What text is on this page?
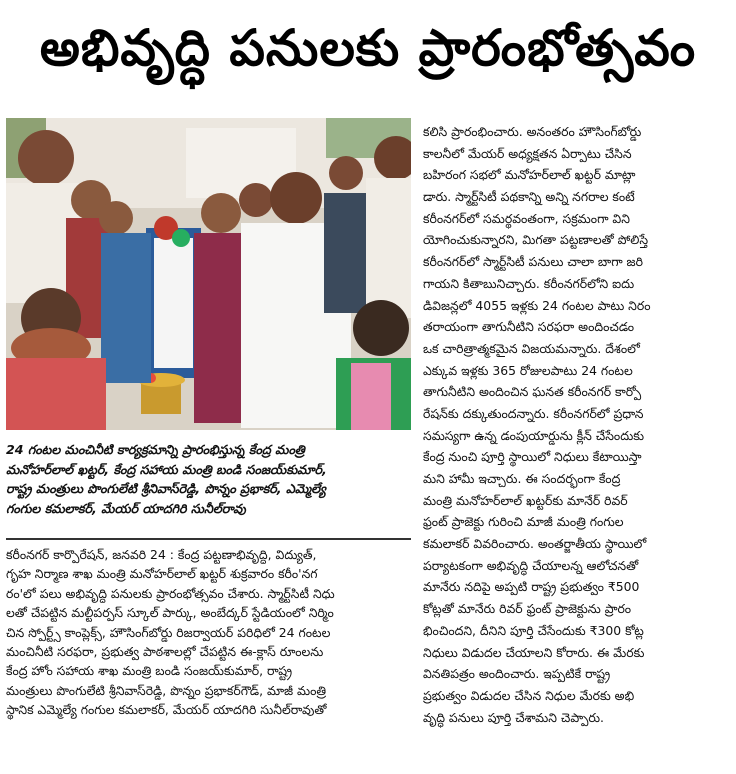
అభివృద్ధి పనులకు ప్రారంభోత్సవం
24 గంటల మంచినీటి కార్యక్రమాన్ని ప్రారంభిస్తున్న కేంద్ర మంత్రి
మనోహర్‌లాల్ ఖట్టర్, కేంద్ర సహాయ మంత్రి బండి సంజయ్‌కుమార్,
రాష్ట్ర మంత్రులు పొంగులేటి శ్రీనివాస్‌రెడ్డి, పొన్నం ప్రభాకర్, ఎమ్మెల్యే
గంగుల కమలాకర్, మేయర్ యాదగిరి సునీల్‌రావు
కరీంనగర్ కార్పొరేషన్, జనవరి 24 : కేంద్ర పట్టణాభివృద్ధి, విద్యుత్,
గృహ నిర్మాణ శాఖ మంత్రి మనోహర్‌లాల్ ఖట్టర్ శుక్రవారం కరీం'నగ
రం'లో పలు అభివృద్ధి పనులకు ప్రారంభోత్సవం చేశారు. స్మార్ట్‌సిటీ నిధు
లతో చేపట్టిన మల్టీపర్పస్ స్కూల్ పార్కు, అంబేద్కర్ స్టేడియంలో నిర్మిం
చిన స్పోర్ట్స్ కాంప్లెక్స్, హౌసింగ్‌బోర్డు రిజర్వాయర్ పరిధిలో 24 గంటల
మంచినీటి సరఫరా, ప్రభుత్వ పాఠశాలల్లో చేపట్టిన ఈ-క్లాస్ రూంలను
కేంద్ర హోం సహాయ శాఖ మంత్రి బండి సంజయ్‌కుమార్, రాష్ట్ర
మంత్రులు పొంగులేటి శ్రీనివాస్‌రెడ్డి, పొన్నం ప్రభాకర్‌గౌడ్, మాజీ మంత్రి
స్థానిక ఎమ్మెల్యే గంగుల కమలాకర్, మేయర్ యాదగిరి సునీల్‌రావుతో
కలిసి ప్రారంభించారు. అనంతరం హౌసింగ్‌బోర్డు
కాలనీలో మేయర్ అధ్యక్షతన ఏర్పాటు చేసిన
బహిరంగ సభలో మనోహర్‌లాల్ ఖట్టర్ మాట్లా
డారు. స్మార్ట్‌సిటీ పథకాన్ని అన్ని నగరాల కంటే
కరీంనగర్‌లో సమర్థవంతంగా, సక్రమంగా విని
యోగించుకున్నారని, మిగతా పట్టణాలతో పోలిస్తే
కరీంనగర్‌లో స్మార్ట్‌సిటీ పనులు చాలా బాగా జరి
గాయని కితాబునిచ్చారు. కరీంనగర్‌లోని ఐదు
డివిజన్లలో 4055 ఇళ్లకు 24 గంటల పాటు నిరం
తరాయంగా తాగునీటిని సరఫరా అందించడం
ఒక చారిత్రాత్మకమైన విజయమన్నారు. దేశంలో
ఎక్కువ ఇళ్లకు 365 రోజులపాటు 24 గంటల
తాగునీటిని అందించిన ఘనత కరీంనగర్ కార్పో
రేషన్‌కు దక్కుతుందన్నారు. కరీంనగర్‌లో ప్రధాన
సమస్యగా ఉన్న డంపుయార్డును క్లీన్ చేసేందుకు
కేంద్ర నుంచి పూర్తి స్థాయిలో నిధులు కేటాయిస్తా
మని హామీ ఇచ్చారు. ఈ సందర్భంగా కేంద్ర
మంత్రి మనోహర్‌లాల్ ఖట్టర్‌కు మానేర్ రివర్
ఫ్రంట్ ప్రాజెక్టు గురించి మాజీ మంత్రి గంగుల
కమలాకర్ వివరించారు. అంతర్జాతీయ స్థాయిలో
పర్యాటకంగా అభివృద్ధి చేయాలన్న ఆలోచనతో
మానేరు నదిపై అప్పటి రాష్ట్ర ప్రభుత్వం ₹500
కోట్లతో మానేరు రివర్ ఫ్రంట్ ప్రాజెక్టును ప్రారం
భించిందని, దీనిని పూర్తి చేసేందుకు ₹300 కోట్ల
నిధులు విడుదల చేయాలని కోరారు. ఈ మేరకు
వినతిపత్రం అందించారు. ఇప్పటికే రాష్ట్ర
ప్రభుత్వం విడుదల చేసిన నిధుల మేరకు అభి
వృద్ధి పనులు పూర్తి చేశామని చెప్పారు.
